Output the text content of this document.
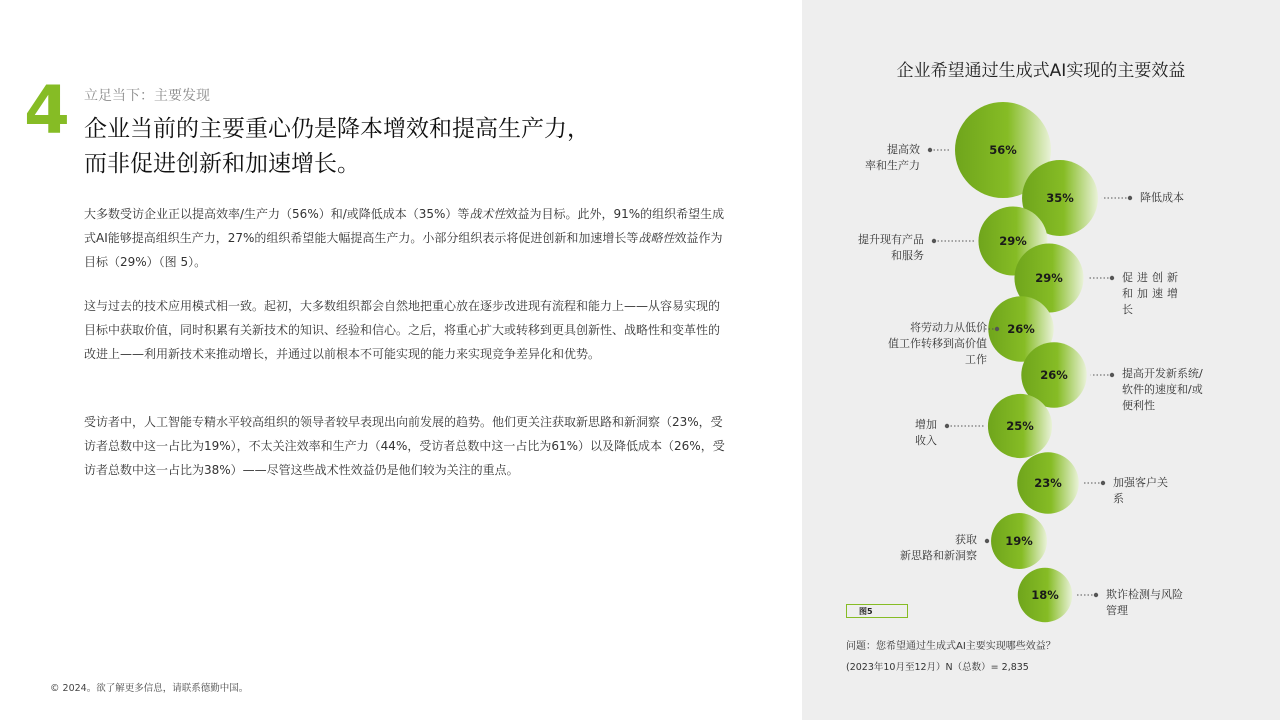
4 立足当下：主要发现
企业当前的主要重心仍是降本增效和提高生产力，
而非促进创新和加速增长。

大多数受访企业正以提高效率/生产力（56%）和/或降低成本（35%）等战术性效益为目标。此外，91%的组织希望生成式AI能够提高组织生产力，27%的组织希望能大幅提高生产力。小部分组织表示将促进创新和加速增长等战略性效益作为目标（29%）（图 5）。

这与过去的技术应用模式相一致。起初，大多数组织都会自然地把重心放在逐步改进现有流程和能力上——从容易实现的目标中获取价值，同时积累有关新技术的知识、经验和信心。之后，将重心扩大或转移到更具创新性、战略性和变革性的改进上——利用新技术来推动增长，并通过以前根本不可能实现的能力来实现竞争差异化和优势。

受访者中，人工智能专精水平较高组织的领导者较早表现出向前发展的趋势。他们更关注获取新思路和新洞察（23%，受访者总数中这一占比为19%），不太关注效率和生产力（44%，受访者总数中这一占比为61%）以及降低成本（26%，受访者总数中这一占比为38%）——尽管这些战术性效益仍是他们较为关注的重点。

© 2024。欲了解更多信息，请联系德勤中国。
企业希望通过生成式AI实现的主要效益
56%
35%
29%
29%
26%
26%
25%
23%
19%
18%
提高效
率和生产力
降低成本
提升现有产品
和服务
促进创新
和加速增
长
将劳动力从低价
值工作转移到高价值
工作
提高开发新系统/
软件的速度和/或
便利性
增加
收入
加强客户关
系
获取
新思路和新洞察
欺诈检测与风险
管理
图5
问题：您希望通过生成式AI主要实现哪些效益？
(2023年10月至12月）N（总数）= 2,835
